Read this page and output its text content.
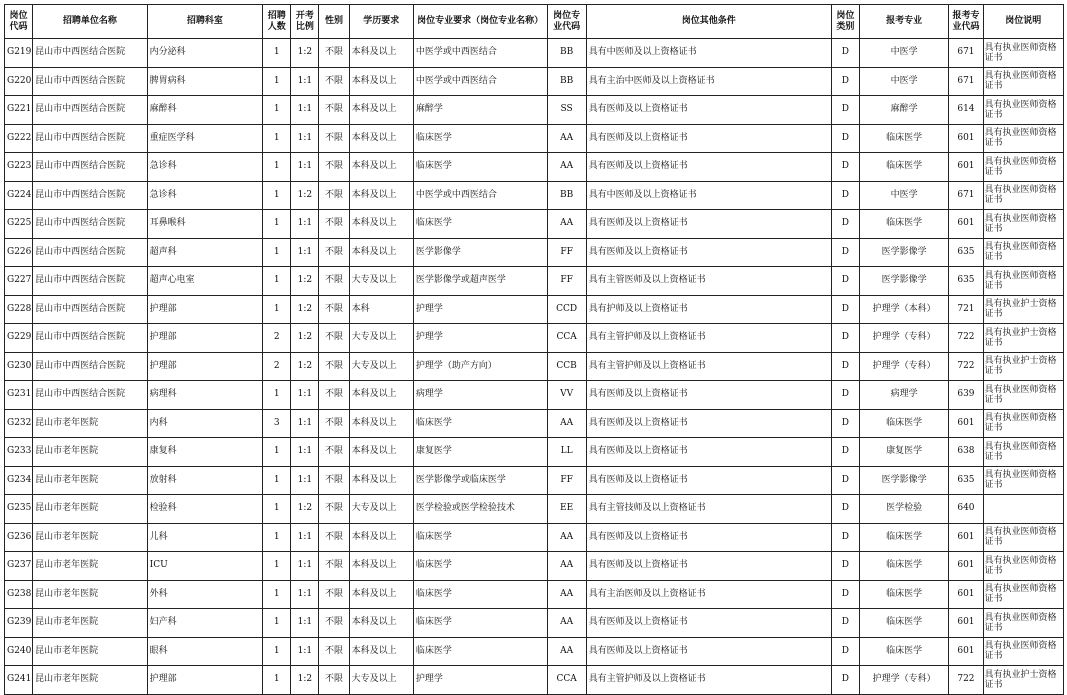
岗位代码	招聘单位名称	招聘科室	招聘人数	开考比例	性别	学历要求	岗位专业要求（岗位专业名称）	岗位专业代码	岗位其他条件	岗位类别	报考专业	报考专业代码	岗位说明
G219	昆山市中西医结合医院	内分泌科	1	1:2	不限	本科及以上	中医学或中西医结合	BB	具有中医师及以上资格证书	D	中医学	671	具有执业医师资格证书
G220	昆山市中西医结合医院	脾胃病科	1	1:1	不限	本科及以上	中医学或中西医结合	BB	具有主治中医师及以上资格证书	D	中医学	671	具有执业医师资格证书
G221	昆山市中西医结合医院	麻醉科	1	1:1	不限	本科及以上	麻醉学	SS	具有医师及以上资格证书	D	麻醉学	614	具有执业医师资格证书
G222	昆山市中西医结合医院	重症医学科	1	1:1	不限	本科及以上	临床医学	AA	具有医师及以上资格证书	D	临床医学	601	具有执业医师资格证书
G223	昆山市中西医结合医院	急诊科	1	1:1	不限	本科及以上	临床医学	AA	具有医师及以上资格证书	D	临床医学	601	具有执业医师资格证书
G224	昆山市中西医结合医院	急诊科	1	1:2	不限	本科及以上	中医学或中西医结合	BB	具有中医师及以上资格证书	D	中医学	671	具有执业医师资格证书
G225	昆山市中西医结合医院	耳鼻喉科	1	1:1	不限	本科及以上	临床医学	AA	具有医师及以上资格证书	D	临床医学	601	具有执业医师资格证书
G226	昆山市中西医结合医院	超声科	1	1:1	不限	本科及以上	医学影像学	FF	具有医师及以上资格证书	D	医学影像学	635	具有执业医师资格证书
G227	昆山市中西医结合医院	超声心电室	1	1:2	不限	大专及以上	医学影像学或超声医学	FF	具有主管医师及以上资格证书	D	医学影像学	635	具有执业医师资格证书
G228	昆山市中西医结合医院	护理部	1	1:2	不限	本科	护理学	CCD	具有护师及以上资格证书	D	护理学（本科）	721	具有执业护士资格证书
G229	昆山市中西医结合医院	护理部	2	1:2	不限	大专及以上	护理学	CCA	具有主管护师及以上资格证书	D	护理学（专科）	722	具有执业护士资格证书
G230	昆山市中西医结合医院	护理部	2	1:2	不限	大专及以上	护理学（助产方向）	CCB	具有主管护师及以上资格证书	D	护理学（专科）	722	具有执业护士资格证书
G231	昆山市中西医结合医院	病理科	1	1:1	不限	本科及以上	病理学	VV	具有医师及以上资格证书	D	病理学	639	具有执业医师资格证书
G232	昆山市老年医院	内科	3	1:1	不限	本科及以上	临床医学	AA	具有医师及以上资格证书	D	临床医学	601	具有执业医师资格证书
G233	昆山市老年医院	康复科	1	1:1	不限	本科及以上	康复医学	LL	具有医师及以上资格证书	D	康复医学	638	具有执业医师资格证书
G234	昆山市老年医院	放射科	1	1:1	不限	本科及以上	医学影像学或临床医学	FF	具有医师及以上资格证书	D	医学影像学	635	具有执业医师资格证书
G235	昆山市老年医院	检验科	1	1:2	不限	大专及以上	医学检验或医学检验技术	EE	具有主管技师及以上资格证书	D	医学检验	640	
G236	昆山市老年医院	儿科	1	1:1	不限	本科及以上	临床医学	AA	具有医师及以上资格证书	D	临床医学	601	具有执业医师资格证书
G237	昆山市老年医院	ICU	1	1:1	不限	本科及以上	临床医学	AA	具有医师及以上资格证书	D	临床医学	601	具有执业医师资格证书
G238	昆山市老年医院	外科	1	1:1	不限	本科及以上	临床医学	AA	具有主治医师及以上资格证书	D	临床医学	601	具有执业医师资格证书
G239	昆山市老年医院	妇产科	1	1:1	不限	本科及以上	临床医学	AA	具有医师及以上资格证书	D	临床医学	601	具有执业医师资格证书
G240	昆山市老年医院	眼科	1	1:1	不限	本科及以上	临床医学	AA	具有医师及以上资格证书	D	临床医学	601	具有执业医师资格证书
G241	昆山市老年医院	护理部	1	1:2	不限	大专及以上	护理学	CCA	具有主管护师及以上资格证书	D	护理学（专科）	722	具有执业护士资格证书
